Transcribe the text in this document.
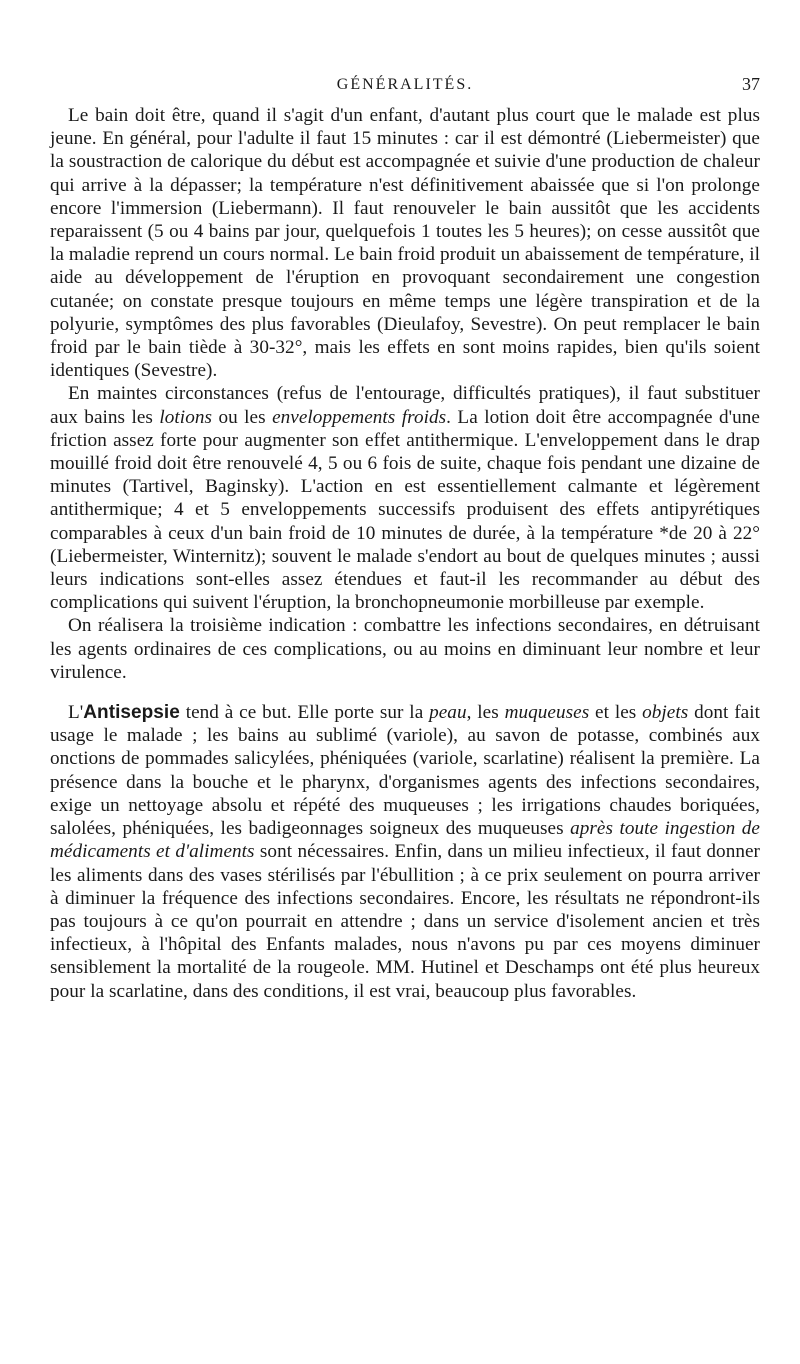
GÉNÉRALITÉS.	37

Le bain doit être, quand il s'agit d'un enfant, d'autant plus court que le malade est plus jeune. En général, pour l'adulte il faut 15 minutes : car il est démontré (Liebermeister) que la soustraction de calorique du début est accompagnée et suivie d'une production de chaleur qui arrive à la dépasser; la température n'est définitivement abaissée que si l'on prolonge encore l'immersion (Liebermann). Il faut renouveler le bain aussitôt que les accidents reparaissent (5 ou 4 bains par jour, quelquefois 1 toutes les 5 heures); on cesse aussitôt que la maladie reprend un cours normal. Le bain froid produit un abaissement de température, il aide au développement de l'éruption en provoquant secondairement une congestion cutanée; on constate presque toujours en même temps une légère transpiration et de la polyurie, symptômes des plus favorables (Dieulafoy, Sevestre). On peut remplacer le bain froid par le bain tiède à 30-32°, mais les effets en sont moins rapides, bien qu'ils soient identiques (Sevestre).

En maintes circonstances (refus de l'entourage, difficultés pratiques), il faut substituer aux bains les lotions ou les enveloppements froids. La lotion doit être accompagnée d'une friction assez forte pour augmenter son effet antithermique. L'enveloppement dans le drap mouillé froid doit être renouvelé 4, 5 ou 6 fois de suite, chaque fois pendant une dizaine de minutes (Tartivel, Baginsky). L'action en est essentiellement calmante et légèrement antithermique; 4 et 5 enveloppements successifs produisent des effets antipyrétiques comparables à ceux d'un bain froid de 10 minutes de durée, à la température *de 20 à 22° (Liebermeister, Winternitz); souvent le malade s'endort au bout de quelques minutes ; aussi leurs indications sont-elles assez étendues et faut-il les recommander au début des complications qui suivent l'éruption, la bronchopneumonie morbilleuse par exemple.

On réalisera la troisième indication : combattre les infections secondaires, en détruisant les agents ordinaires de ces complications, ou au moins en diminuant leur nombre et leur virulence.

L'Antisepsie tend à ce but. Elle porte sur la peau, les muqueuses et les objets dont fait usage le malade ; les bains au sublimé (variole), au savon de potasse, combinés aux onctions de pommades salicylées, phéniquées (variole, scarlatine) réalisent la première. La présence dans la bouche et le pharynx, d'organismes agents des infections secondaires, exige un nettoyage absolu et répété des muqueuses ; les irrigations chaudes boriquées, salolées, phéniquées, les badigeonnages soigneux des muqueuses après toute ingestion de médicaments et d'aliments sont nécessaires. Enfin, dans un milieu infectieux, il faut donner les aliments dans des vases stérilisés par l'ébullition ; à ce prix seulement on pourra arriver à diminuer la fréquence des infections secondaires. Encore, les résultats ne répondront-ils pas toujours à ce qu'on pourrait en attendre ; dans un service d'isolement ancien et très infectieux, à l'hôpital des Enfants malades, nous n'avons pu par ces moyens diminuer sensiblement la mortalité de la rougeole. MM. Hutinel et Deschamps ont été plus heureux pour la scarlatine, dans des conditions, il est vrai, beaucoup plus favorables.
